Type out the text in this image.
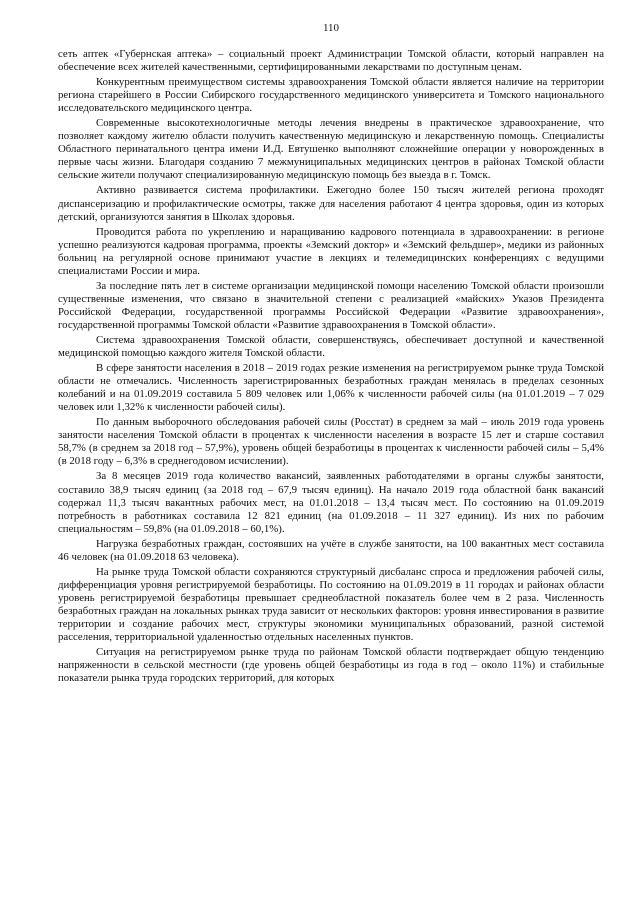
110

сеть аптек «Губернская аптека» – социальный проект Администрации Томской области, который направлен на обеспечение всех жителей качественными, сертифицированными лекарствами по доступным ценам.

Конкурентным преимуществом системы здравоохранения Томской области является наличие на территории региона старейшего в России Сибирского государственного медицинского университета и Томского национального исследовательского медицинского центра.

Современные высокотехнологичные методы лечения внедрены в практическое здравоохранение, что позволяет каждому жителю области получить качественную медицинскую и лекарственную помощь. Специалисты Областного перинатального центра имени И.Д. Евтушенко выполняют сложнейшие операции у новорожденных в первые часы жизни. Благодаря созданию 7 межмуниципальных медицинских центров в районах Томской области сельские жители получают специализированную медицинскую помощь без выезда в г. Томск.

Активно развивается система профилактики. Ежегодно более 150 тысяч жителей региона проходят диспансеризацию и профилактические осмотры, также для населения работают 4 центра здоровья, один из которых детский, организуются занятия в Школах здоровья.

Проводится работа по укреплению и наращиванию кадрового потенциала в здравоохранении: в регионе успешно реализуются кадровая программа, проекты «Земский доктор» и «Земский фельдшер», медики из районных больниц на регулярной основе принимают участие в лекциях и телемедицинских конференциях с ведущими специалистами России и мира.

За последние пять лет в системе организации медицинской помощи населению Томской области произошли существенные изменения, что связано в значительной степени с реализацией «майских» Указов Президента Российской Федерации, государственной программы Российской Федерации «Развитие здравоохранения», государственной программы Томской области «Развитие здравоохранения в Томской области».

Система здравоохранения Томской области, совершенствуясь, обеспечивает доступной и качественной медицинской помощью каждого жителя Томской области.

В сфере занятости населения в 2018 – 2019 годах резкие изменения на регистрируемом рынке труда Томской области не отмечались. Численность зарегистрированных безработных граждан менялась в пределах сезонных колебаний и на 01.09.2019 составила 5 809 человек или 1,06% к численности рабочей силы (на 01.01.2019 – 7 029 человек или 1,32% к численности рабочей силы).

По данным выборочного обследования рабочей силы (Росстат) в среднем за май – июль 2019 года уровень занятости населения Томской области в процентах к численности населения в возрасте 15 лет и старше составил 58,7% (в среднем за 2018 год – 57,9%), уровень общей безработицы в процентах к численности рабочей силы – 5,4% (в 2018 году – 6,3% в среднегодовом исчислении).

За 8 месяцев 2019 года количество вакансий, заявленных работодателями в органы службы занятости, составило 38,9 тысяч единиц (за 2018 год – 67,9 тысяч единиц). На начало 2019 года областной банк вакансий содержал 11,3 тысяч вакантных рабочих мест, на 01.01.2018 – 13,4 тысяч мест. По состоянию на 01.09.2019 потребность в работниках составила 12 821 единиц (на 01.09.2018 – 11 327 единиц). Из них по рабочим специальностям – 59,8% (на 01.09.2018 – 60,1%).

Нагрузка безработных граждан, состоявших на учёте в службе занятости, на 100 вакантных мест составила 46 человек (на 01.09.2018 63 человека).

На рынке труда Томской области сохраняются структурный дисбаланс спроса и предложения рабочей силы, дифференциация уровня регистрируемой безработицы. По состоянию на 01.09.2019 в 11 городах и районах области уровень регистрируемой безработицы превышает среднеобластной показатель более чем в 2 раза. Численность безработных граждан на локальных рынках труда зависит от нескольких факторов: уровня инвестирования в развитие территории и создание рабочих мест, структуры экономики муниципальных образований, разной системой расселения, территориальной удаленностью отдельных населенных пунктов.

Ситуация на регистрируемом рынке труда по районам Томской области подтверждает общую тенденцию напряженности в сельской местности (где уровень общей безработицы из года в год – около 11%) и стабильные показатели рынка труда городских территорий, для которых
